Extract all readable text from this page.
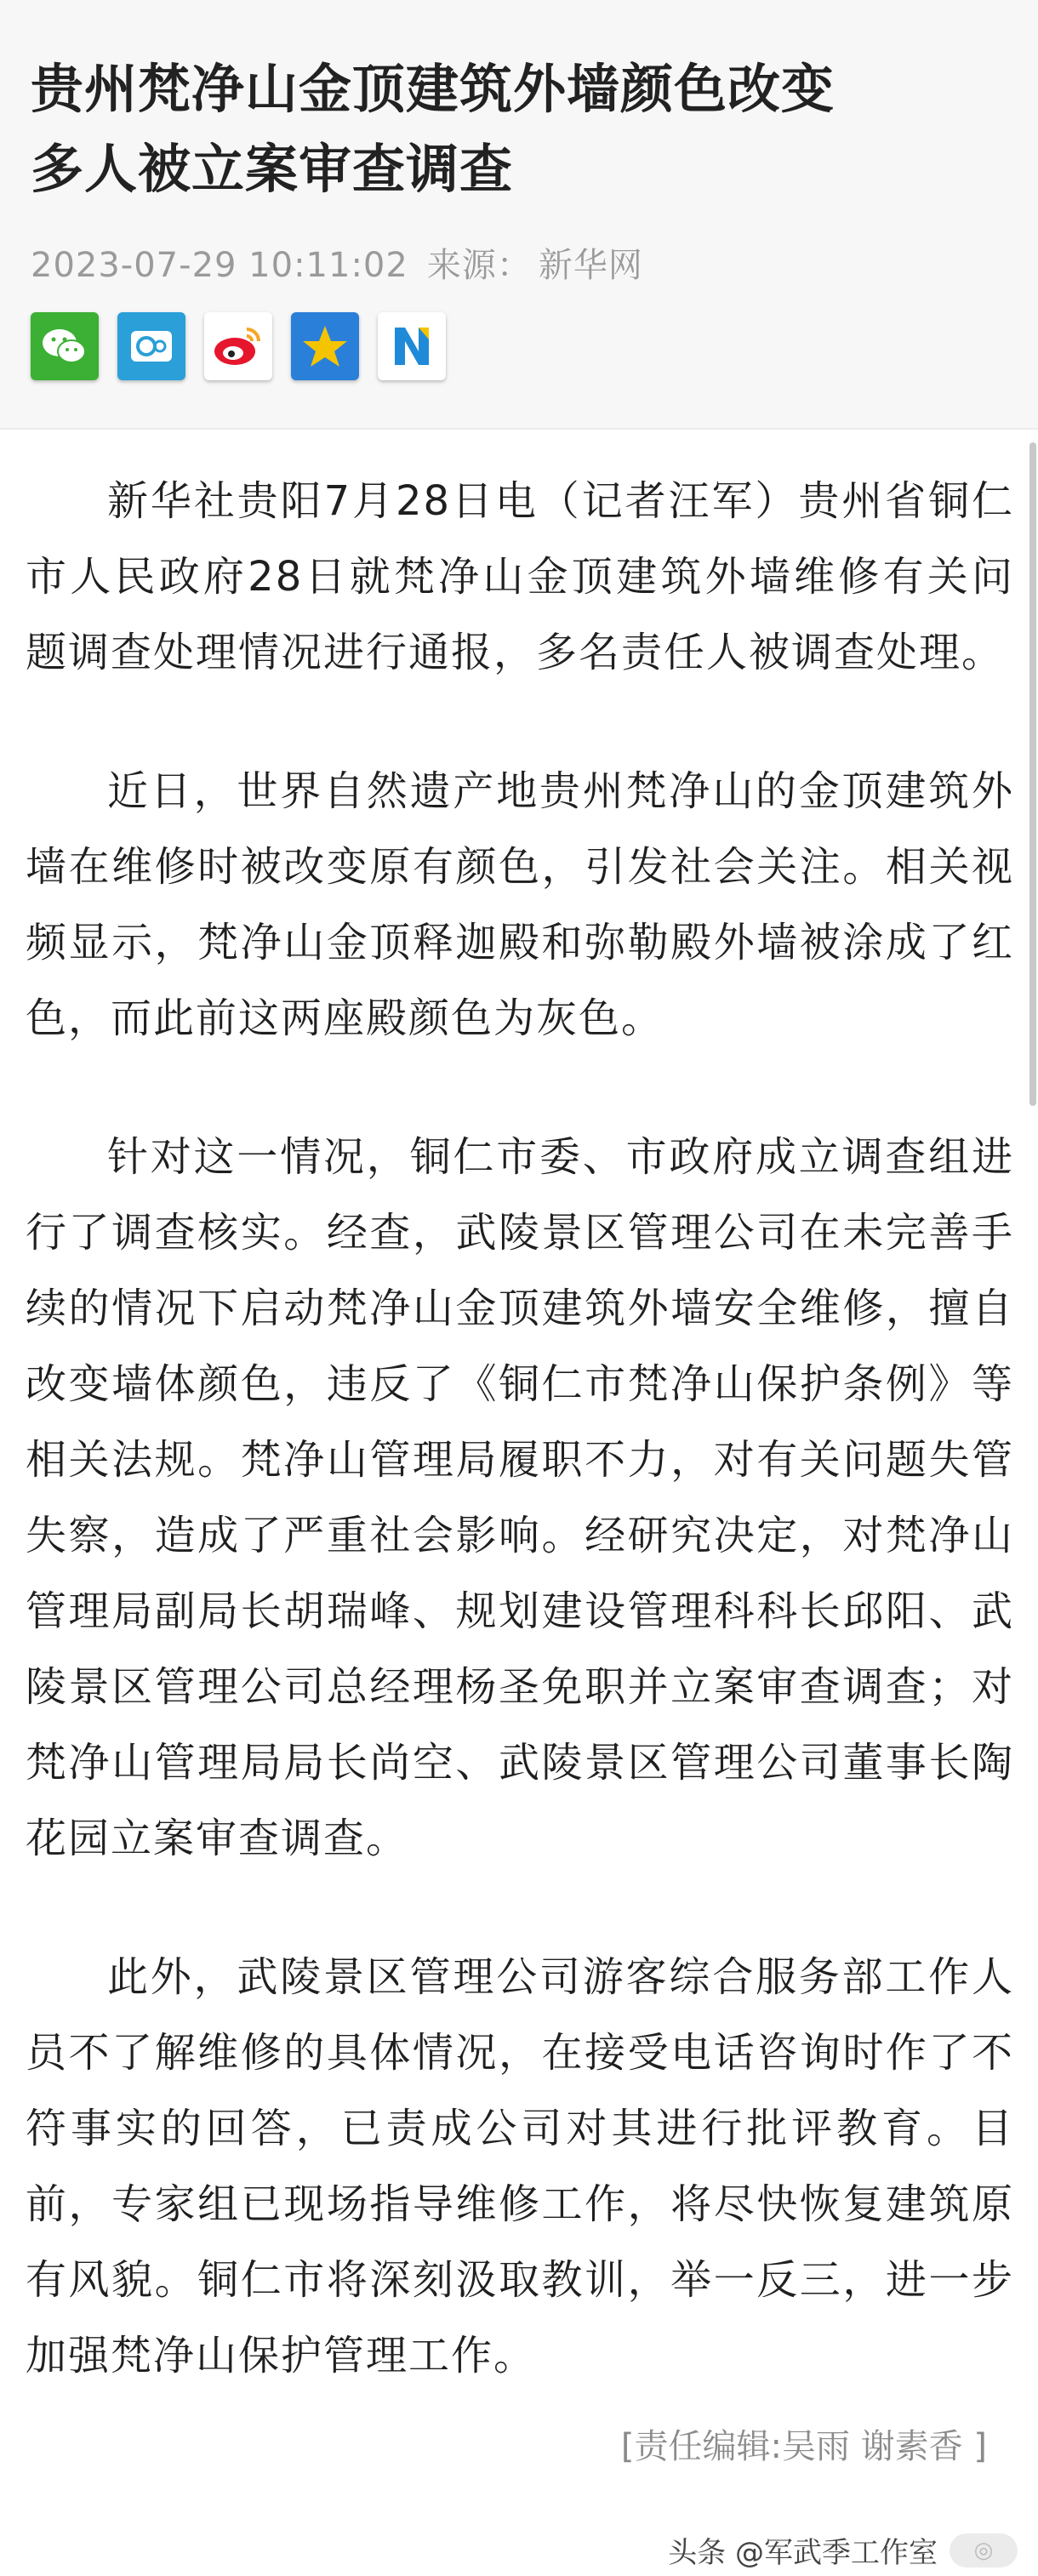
贵州梵净山金顶建筑外墙颜色改变
多人被立案审查调查
2023-07-29 10:11:02 来源： 新华网

新华社贵阳7月28日电（记者汪军）贵州省铜仁市人民政府28日就梵净山金顶建筑外墙维修有关问题调查处理情况进行通报，多名责任人被调查处理。

近日，世界自然遗产地贵州梵净山的金顶建筑外墙在维修时被改变原有颜色，引发社会关注。相关视频显示，梵净山金顶释迦殿和弥勒殿外墙被涂成了红色，而此前这两座殿颜色为灰色。

针对这一情况，铜仁市委、市政府成立调查组进行了调查核实。经查，武陵景区管理公司在未完善手续的情况下启动梵净山金顶建筑外墙安全维修，擅自改变墙体颜色，违反了《铜仁市梵净山保护条例》等相关法规。梵净山管理局履职不力，对有关问题失管失察，造成了严重社会影响。经研究决定，对梵净山管理局副局长胡瑞峰、规划建设管理科科长邱阳、武陵景区管理公司总经理杨圣免职并立案审查调查；对梵净山管理局局长尚空、武陵景区管理公司董事长陶花园立案审查调查。

此外，武陵景区管理公司游客综合服务部工作人员不了解维修的具体情况，在接受电话咨询时作了不符事实的回答，已责成公司对其进行批评教育。目前，专家组已现场指导维修工作，将尽快恢复建筑原有风貌。铜仁市将深刻汲取教训，举一反三，进一步加强梵净山保护管理工作。

[责任编辑:吴雨 谢素香 ]
头条 @军武季工作室	◎
